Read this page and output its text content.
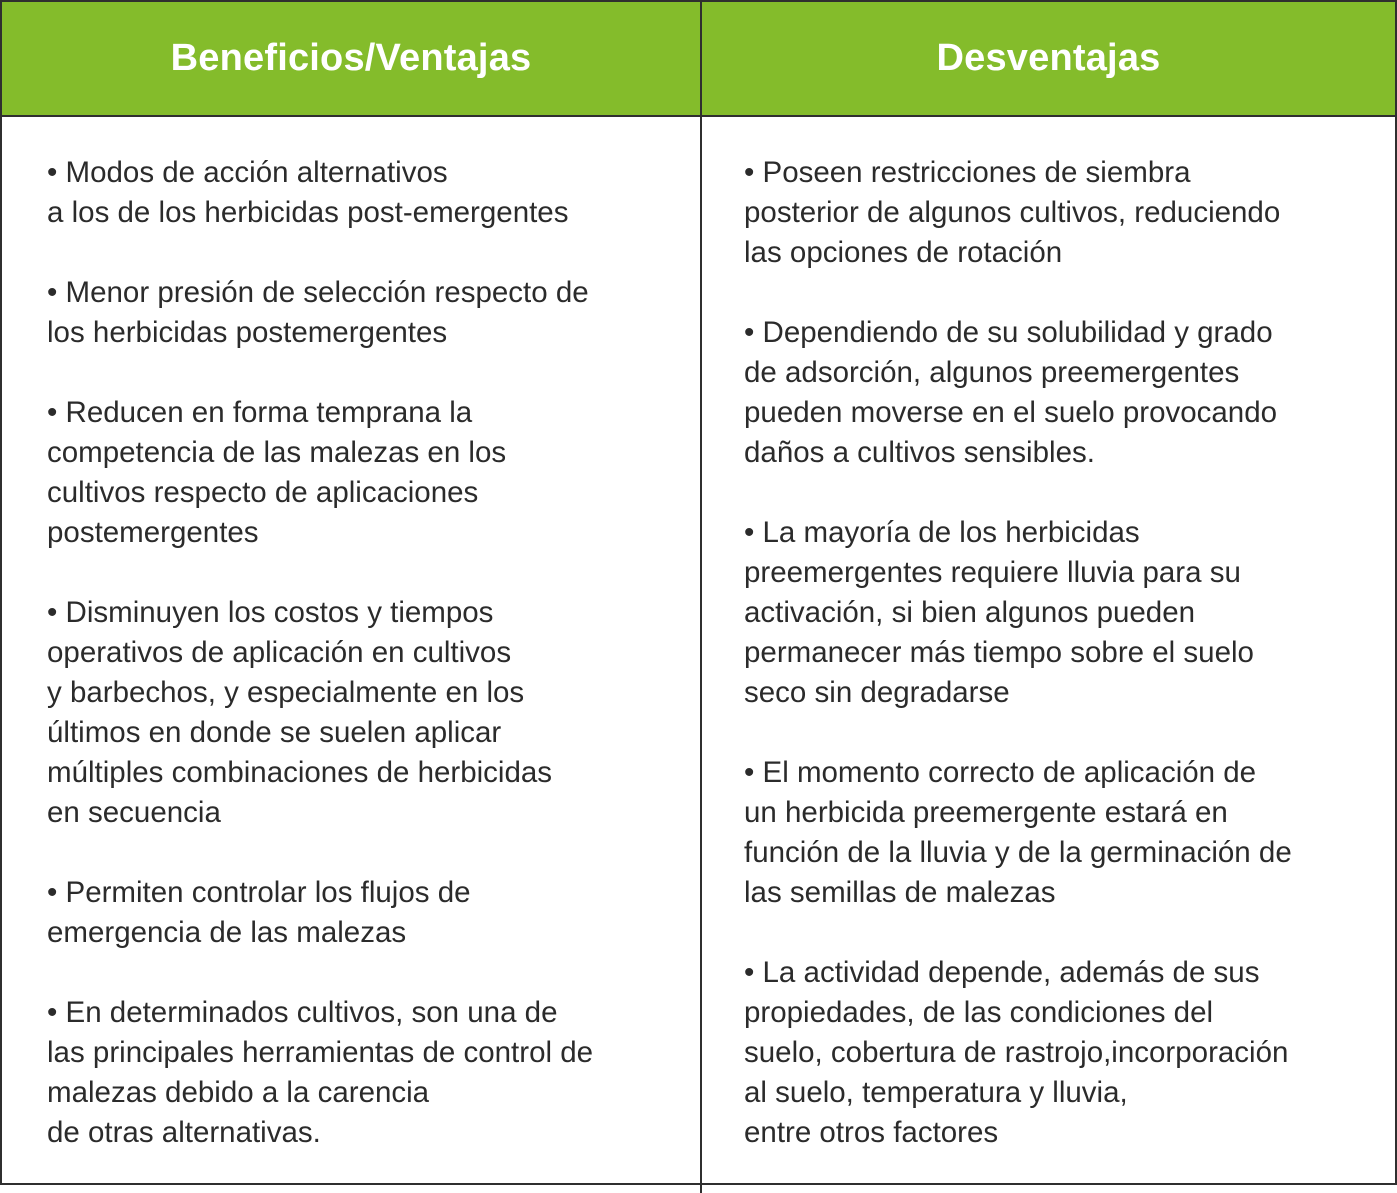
Beneficios/Ventajas	Desventajas
• Modos de acción alternativos
a los de los herbicidas post-emergentes
• Menor presión de selección respecto de
los herbicidas postemergentes
• Reducen en forma temprana la
competencia de las malezas en los
cultivos respecto de aplicaciones
postemergentes
• Disminuyen los costos y tiempos
operativos de aplicación en cultivos
y barbechos, y especialmente en los
últimos en donde se suelen aplicar
múltiples combinaciones de herbicidas
en secuencia
• Permiten controlar los flujos de
emergencia de las malezas
• En determinados cultivos, son una de
las principales herramientas de control de
malezas debido a la carencia
de otras alternativas.
• Poseen restricciones de siembra
posterior de algunos cultivos, reduciendo
las opciones de rotación
• Dependiendo de su solubilidad y grado
de adsorción, algunos preemergentes
pueden moverse en el suelo provocando
daños a cultivos sensibles.
• La mayoría de los herbicidas
preemergentes requiere lluvia para su
activación, si bien algunos pueden
permanecer más tiempo sobre el suelo
seco sin degradarse
• El momento correcto de aplicación de
un herbicida preemergente estará en
función de la lluvia y de la germinación de
las semillas de malezas
• La actividad depende, además de sus
propiedades, de las condiciones del
suelo, cobertura de rastrojo,incorporación
al suelo, temperatura y lluvia,
entre otros factores
